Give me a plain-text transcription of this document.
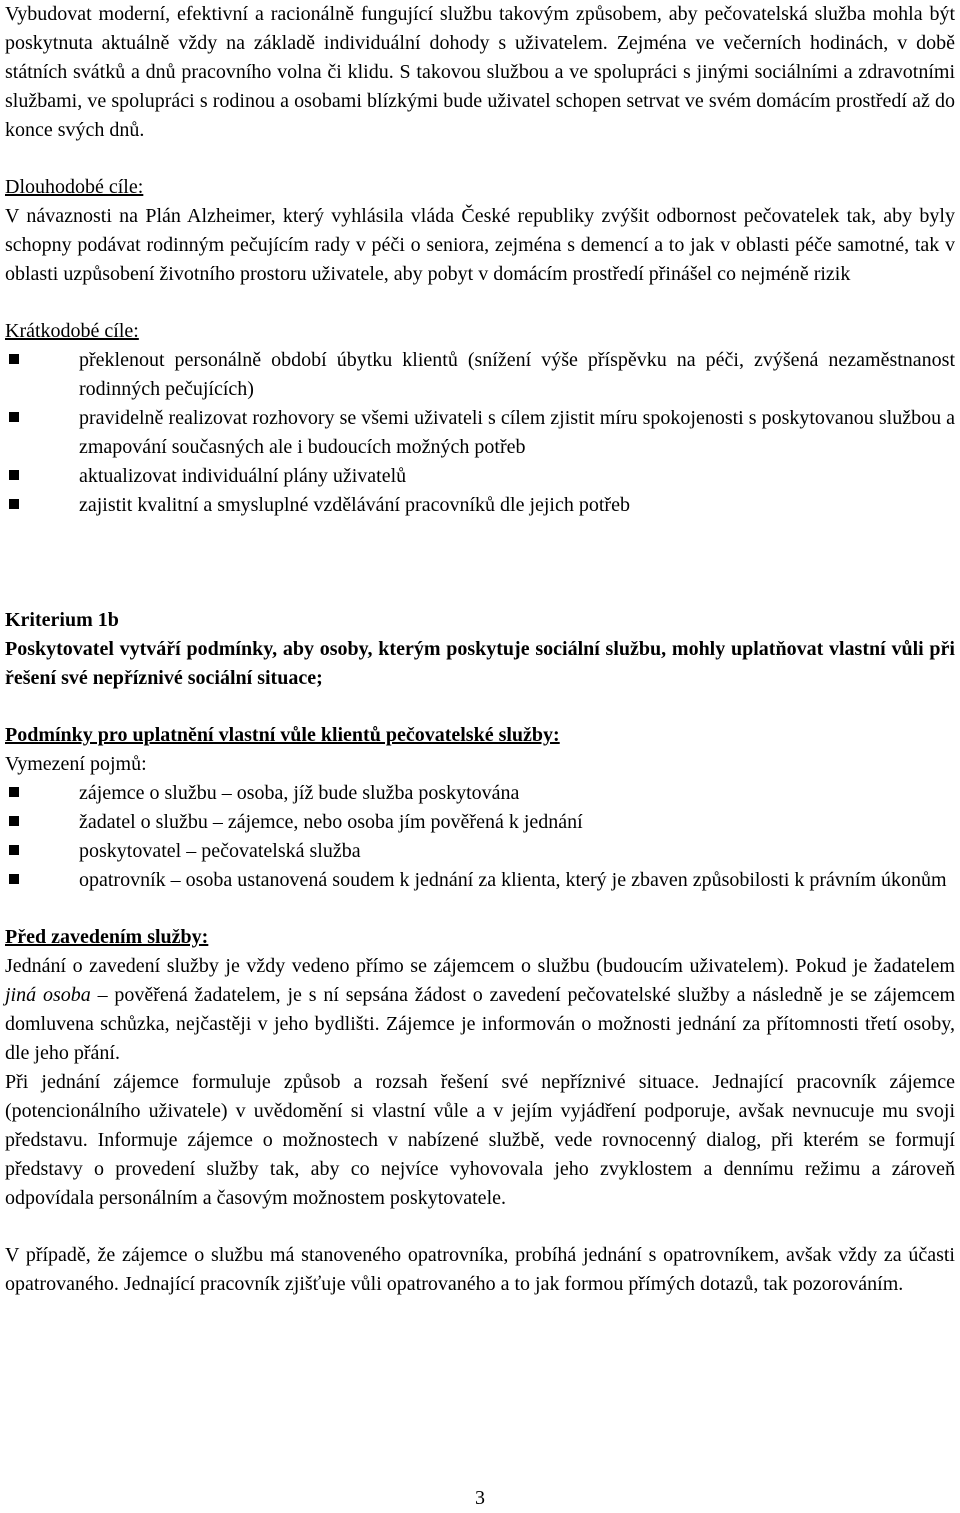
Vybudovat moderní, efektivní a racionálně fungující službu takovým způsobem, aby pečovatelská služba mohla být poskytnuta aktuálně vždy na základě individuální dohody s uživatelem. Zejména ve večerních hodinách, v době státních svátků a dnů pracovního volna či klidu. S takovou službou a ve spolupráci s jinými sociálními a zdravotními službami, ve spolupráci s rodinou a osobami blízkými bude uživatel schopen setrvat ve svém domácím prostředí až do konce svých dnů.

Dlouhodobé cíle:

V návaznosti na Plán Alzheimer, který vyhlásila vláda České republiky zvýšit odbornost pečovatelek tak, aby byly schopny podávat rodinným pečujícím rady v péči o seniora, zejména s demencí a to jak v oblasti péče samotné, tak v oblasti uzpůsobení životního prostoru uživatele, aby pobyt v domácím prostředí přinášel co nejméně rizik

Krátkodobé cíle:

překlenout personálně období úbytku klientů (snížení výše příspěvku na péči, zvýšená nezaměstnanost rodinných pečujících)
pravidelně realizovat rozhovory se všemi uživateli s cílem zjistit míru spokojenosti s poskytovanou službou a zmapování současných ale i budoucích možných potřeb
aktualizovat individuální plány uživatelů
zajistit kvalitní a smysluplné vzdělávání pracovníků dle jejich potřeb

Kriterium 1b

Poskytovatel vytváří podmínky, aby osoby, kterým poskytuje sociální službu, mohly uplatňovat vlastní vůli při řešení své nepříznivé sociální situace;

Podmínky pro uplatnění vlastní vůle klientů pečovatelské služby:

Vymezení pojmů:

zájemce o službu – osoba, jíž bude služba poskytována
žadatel o službu – zájemce, nebo osoba jím pověřená k jednání
poskytovatel – pečovatelská služba
opatrovník – osoba ustanovená soudem k jednání za klienta, který je zbaven způsobilosti k právním úkonům

Před zavedením služby:

Jednání o zavedení služby je vždy vedeno přímo se zájemcem o službu (budoucím uživatelem). Pokud je žadatelem jiná osoba – pověřená žadatelem, je s ní sepsána žádost o zavedení pečovatelské služby a následně je se zájemcem domluvena schůzka, nejčastěji v jeho bydlišti. Zájemce je informován o možnosti jednání za přítomnosti třetí osoby, dle jeho přání.

Při jednání zájemce formuluje způsob a rozsah řešení své nepříznivé situace. Jednající pracovník zájemce (potencionálního uživatele) v uvědomění si vlastní vůle a v jejím vyjádření podporuje, avšak nevnucuje mu svoji představu. Informuje zájemce o možnostech v nabízené službě, vede rovnocenný dialog, při kterém se formují představy o provedení služby tak, aby co nejvíce vyhovovala jeho zvyklostem a dennímu režimu a zároveň odpovídala personálním a časovým možnostem poskytovatele.

V případě, že zájemce o službu má stanoveného opatrovníka, probíhá jednání s opatrovníkem, avšak vždy za účasti opatrovaného. Jednající pracovník zjišťuje vůli opatrovaného a to jak formou přímých dotazů, tak pozorováním.

3
